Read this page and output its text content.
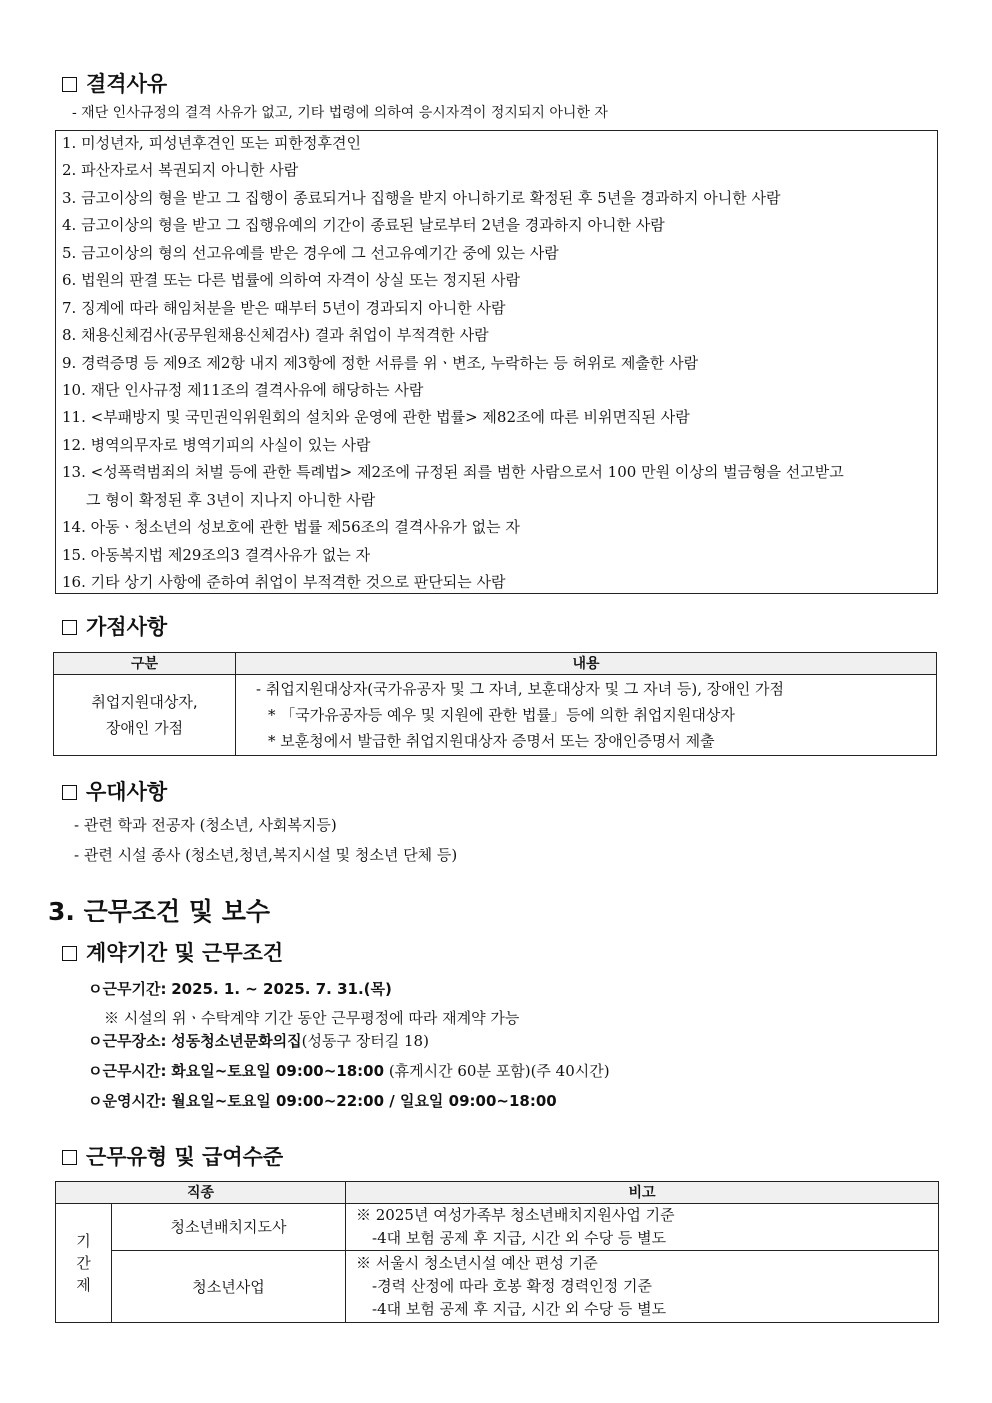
결격사유
- 재단 인사규정의 결격 사유가 없고, 기타 법령에 의하여 응시자격이 정지되지 아니한 자
1. 미성년자, 피성년후견인 또는 피한정후견인
2. 파산자로서 복권되지 아니한 사람
3. 금고이상의 형을 받고 그 집행이 종료되거나 집행을 받지 아니하기로 확정된 후 5년을 경과하지 아니한 사람
4. 금고이상의 형을 받고 그 집행유예의 기간이 종료된 날로부터 2년을 경과하지 아니한 사람
5. 금고이상의 형의 선고유예를 받은 경우에 그 선고유예기간 중에 있는 사람
6. 법원의 판결 또는 다른 법률에 의하여 자격이 상실 또는 정지된 사람
7. 징계에 따라 해임처분을 받은 때부터 5년이 경과되지 아니한 사람
8. 채용신체검사(공무원채용신체검사) 결과 취업이 부적격한 사람
9. 경력증명 등 제9조 제2항 내지 제3항에 정한 서류를 위ㆍ변조, 누락하는 등 허위로 제출한 사람
10. 재단 인사규정 제11조의 결격사유에 해당하는 사람
11. <부패방지 및 국민권익위원회의 설치와 운영에 관한 법률> 제82조에 따른 비위면직된 사람
12. 병역의무자로 병역기피의 사실이 있는 사람
13. <성폭력범죄의 처벌 등에 관한 특례법> 제2조에 규정된 죄를 범한 사람으로서 100 만원 이상의 벌금형을 선고받고
그 형이 확정된 후 3년이 지나지 아니한 사람
14. 아동ㆍ청소년의 성보호에 관한 법률 제56조의 결격사유가 없는 자
15. 아동복지법 제29조의3 결격사유가 없는 자
16. 기타 상기 사항에 준하여 취업이 부적격한 것으로 판단되는 사람
가점사항
구분	내용

취업지원대상자,
장애인 가점	- 취업지원대상자(국가유공자 및 그 자녀, 보훈대상자 및 그 자녀 등), 장애인 가점
* 「국가유공자등 예우 및 지원에 관한 법률」등에 의한 취업지원대상자
* 보훈청에서 발급한 취업지원대상자 증명서 또는 장애인증명서 제출
우대사항
- 관련 학과 전공자 (청소년, 사회복지등)
- 관련 시설 종사 (청소년,청년,복지시설 및 청소년 단체 등)
3. 근무조건 및 보수
계약기간 및 근무조건
ㅇ근무기간: 2025. 1. ~ 2025. 7. 31.(목)
※ 시설의 위ㆍ수탁계약 기간 동안 근무평정에 따라 재계약 가능
ㅇ근무장소: 성동청소년문화의집(성동구 장터길 18)
ㅇ근무시간: 화요일~토요일 09:00~18:00 (휴게시간 60분 포함)(주 40시간)
ㅇ운영시간: 월요일~토요일 09:00~22:00 / 일요일 09:00~18:00
근무유형 및 급여수준
직종		비고

기
간
제	청소년배치지도사	※ 2025년 여성가족부 청소년배치지원사업 기준
-4대 보험 공제 후 지급, 시간 외 수당 등 별도

	청소년사업	※ 서울시 청소년시설 예산 편성 기준
-경력 산정에 따라 호봉 확정 경력인정 기준
-4대 보험 공제 후 지급, 시간 외 수당 등 별도
